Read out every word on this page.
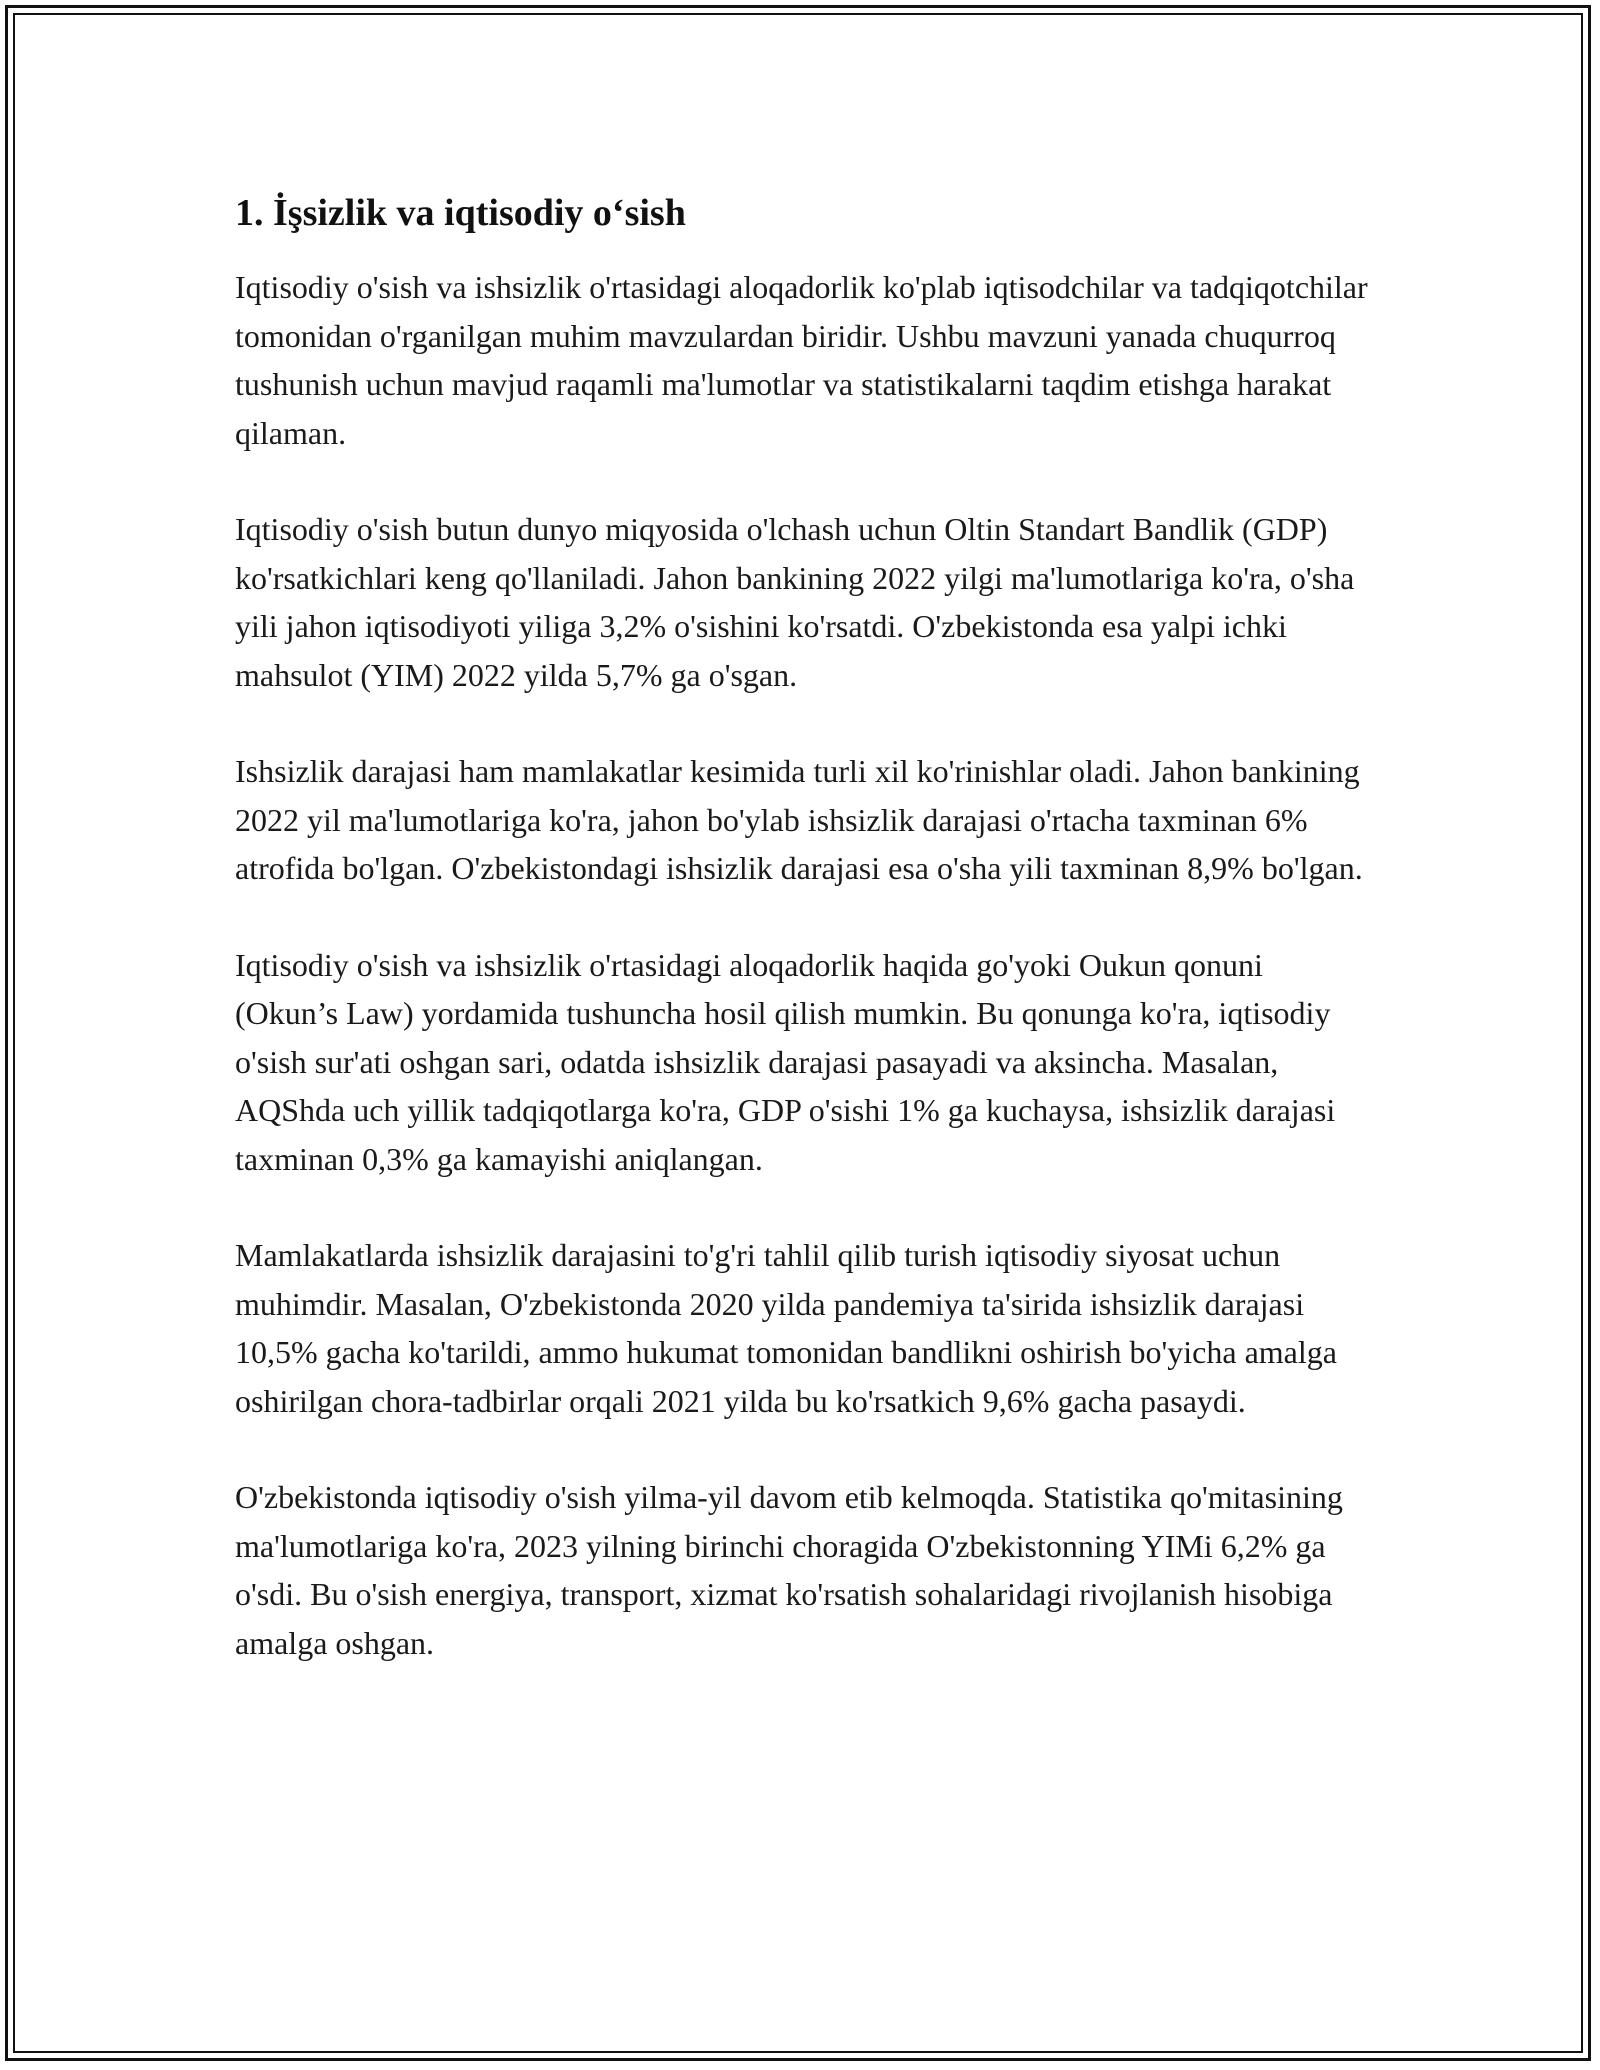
1. İşsizlik va iqtisodiy o‘sish

Iqtisodiy o'sish va ishsizlik o'rtasidagi aloqadorlik ko'plab iqtisodchilar va tadqiqotchilar tomonidan o'rganilgan muhim mavzulardan biridir. Ushbu mavzuni yanada chuqurroq tushunish uchun mavjud raqamli ma'lumotlar va statistikalarni taqdim etishga harakat qilaman.

Iqtisodiy o'sish butun dunyo miqyosida o'lchash uchun Oltin Standart Bandlik (GDP) ko'rsatkichlari keng qo'llaniladi. Jahon bankining 2022 yilgi ma'lumotlariga ko'ra, o'sha yili jahon iqtisodiyoti yiliga 3,2% o'sishini ko'rsatdi. O'zbekistonda esa yalpi ichki mahsulot (YIM) 2022 yilda 5,7% ga o'sgan.

Ishsizlik darajasi ham mamlakatlar kesimida turli xil ko'rinishlar oladi. Jahon bankining 2022 yil ma'lumotlariga ko'ra, jahon bo'ylab ishsizlik darajasi o'rtacha taxminan 6% atrofida bo'lgan. O'zbekistondagi ishsizlik darajasi esa o'sha yili taxminan 8,9% bo'lgan.

Iqtisodiy o'sish va ishsizlik o'rtasidagi aloqadorlik haqida go'yoki Oukun qonuni (Okun’s Law) yordamida tushuncha hosil qilish mumkin. Bu qonunga ko'ra, iqtisodiy o'sish sur'ati oshgan sari, odatda ishsizlik darajasi pasayadi va aksincha. Masalan, AQShda uch yillik tadqiqotlarga ko'ra, GDP o'sishi 1% ga kuchaysa, ishsizlik darajasi taxminan 0,3% ga kamayishi aniqlangan.

Mamlakatlarda ishsizlik darajasini to'g'ri tahlil qilib turish iqtisodiy siyosat uchun muhimdir. Masalan, O'zbekistonda 2020 yilda pandemiya ta'sirida ishsizlik darajasi 10,5% gacha ko'tarildi, ammo hukumat tomonidan bandlikni oshirish bo'yicha amalga oshirilgan chora-tadbirlar orqali 2021 yilda bu ko'rsatkich 9,6% gacha pasaydi.

O'zbekistonda iqtisodiy o'sish yilma-yil davom etib kelmoqda. Statistika qo'mitasining ma'lumotlariga ko'ra, 2023 yilning birinchi choragida O'zbekistonning YIMi 6,2% ga o'sdi. Bu o'sish energiya, transport, xizmat ko'rsatish sohalaridagi rivojlanish hisobiga amalga oshgan.
